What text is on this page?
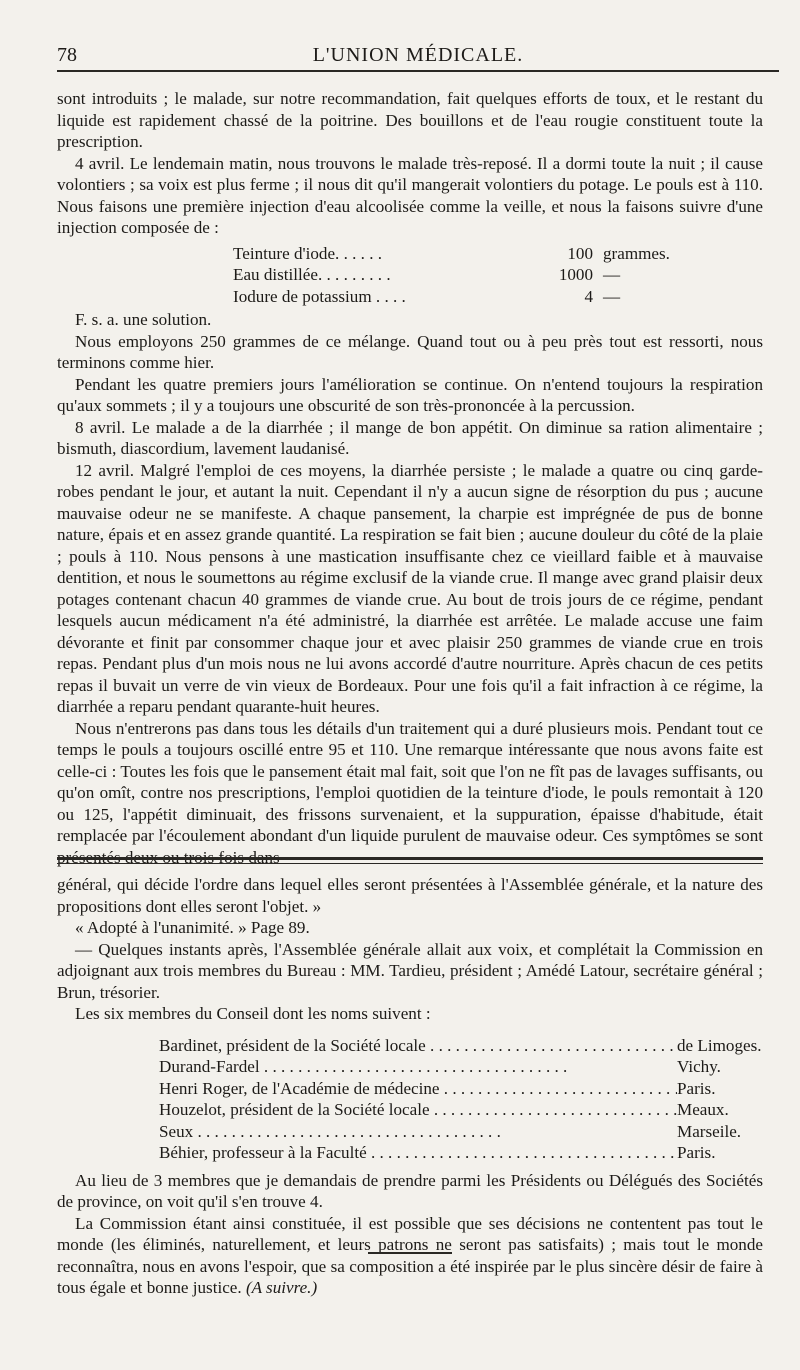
78	L'UNION MÉDICALE.

sont introduits ; le malade, sur notre recommandation, fait quelques efforts de toux, et le restant du liquide est rapidement chassé de la poitrine. Des bouillons et de l'eau rougie constituent toute la prescription.

4 avril. Le lendemain matin, nous trouvons le malade très-reposé. Il a dormi toute la nuit ; il cause volontiers ; sa voix est plus ferme ; il nous dit qu'il mangerait volontiers du potage. Le pouls est à 110. Nous faisons une première injection d'eau alcoolisée comme la veille, et nous la faisons suivre d'une injection composée de :

Teinture d'iode. . . . . .	100 grammes.
Eau distillée. . . . . . . . .	1000 —
Iodure de potassium . . . .	4 —

F. s. a. une solution.

Nous employons 250 grammes de ce mélange. Quand tout ou à peu près tout est ressorti, nous terminons comme hier.

Pendant les quatre premiers jours l'amélioration se continue. On n'entend toujours la respiration qu'aux sommets ; il y a toujours une obscurité de son très-prononcée à la percussion.

8 avril. Le malade a de la diarrhée ; il mange de bon appétit. On diminue sa ration alimentaire ; bismuth, diascordium, lavement laudanisé.

12 avril. Malgré l'emploi de ces moyens, la diarrhée persiste ; le malade a quatre ou cinq garde-robes pendant le jour, et autant la nuit. Cependant il n'y a aucun signe de résorption du pus ; aucune mauvaise odeur ne se manifeste. A chaque pansement, la charpie est imprégnée de pus de bonne nature, épais et en assez grande quantité. La respiration se fait bien ; aucune douleur du côté de la plaie ; pouls à 110. Nous pensons à une mastication insuffisante chez ce vieillard faible et à mauvaise dentition, et nous le soumettons au régime exclusif de la viande crue. Il mange avec grand plaisir deux potages contenant chacun 40 grammes de viande crue. Au bout de trois jours de ce régime, pendant lesquels aucun médicament n'a été administré, la diarrhée est arrêtée. Le malade accuse une faim dévorante et finit par consommer chaque jour et avec plaisir 250 grammes de viande crue en trois repas. Pendant plus d'un mois nous ne lui avons accordé d'autre nourriture. Après chacun de ces petits repas il buvait un verre de vin vieux de Bordeaux. Pour une fois qu'il a fait infraction à ce régime, la diarrhée a reparu pendant quarante-huit heures.

Nous n'entrerons pas dans tous les détails d'un traitement qui a duré plusieurs mois. Pendant tout ce temps le pouls a toujours oscillé entre 95 et 110. Une remarque intéressante que nous avons faite est celle-ci : Toutes les fois que le pansement était mal fait, soit que l'on ne fît pas de lavages suffisants, ou qu'on omît, contre nos prescriptions, l'emploi quotidien de la teinture d'iode, le pouls remontait à 120 ou 125, l'appétit diminuait, des frissons survenaient, et la suppuration, épaisse d'habitude, était remplacée par l'écoulement abondant d'un liquide purulent de mauvaise odeur. Ces symptômes se sont présentés deux ou trois fois dans

général, qui décide l'ordre dans lequel elles seront présentées à l'Assemblée générale, et la nature des propositions dont elles seront l'objet. »

« Adopté à l'unanimité. » Page 89.

— Quelques instants après, l'Assemblée générale allait aux voix, et complétait la Commission en adjoignant aux trois membres du Bureau : MM. Tardieu, président ; Amédé Latour, secrétaire général ; Brun, trésorier.

Les six membres du Conseil dont les noms suivent :

Bardinet, président de la Société locale . . .	de Limoges.
Durand-Fardel . . .	Vichy.
Henri Roger, de l'Académie de médecine . . .	Paris.
Houzelot, président de la Société locale . . .	Meaux.
Seux . . .	Marseile.
Béhier, professeur à la Faculté . . .	Paris.

Au lieu de 3 membres que je demandais de prendre parmi les Présidents ou Délégués des Sociétés de province, on voit qu'il s'en trouve 4.

La Commission étant ainsi constituée, il est possible que ses décisions ne contentent pas tout le monde (les éliminés, naturellement, et leurs patrons ne seront pas satisfaits) ; mais tout le monde reconnaîtra, nous en avons l'espoir, que sa composition a été inspirée par le plus sincère désir de faire à tous égale et bonne justice. (A suivre.)
